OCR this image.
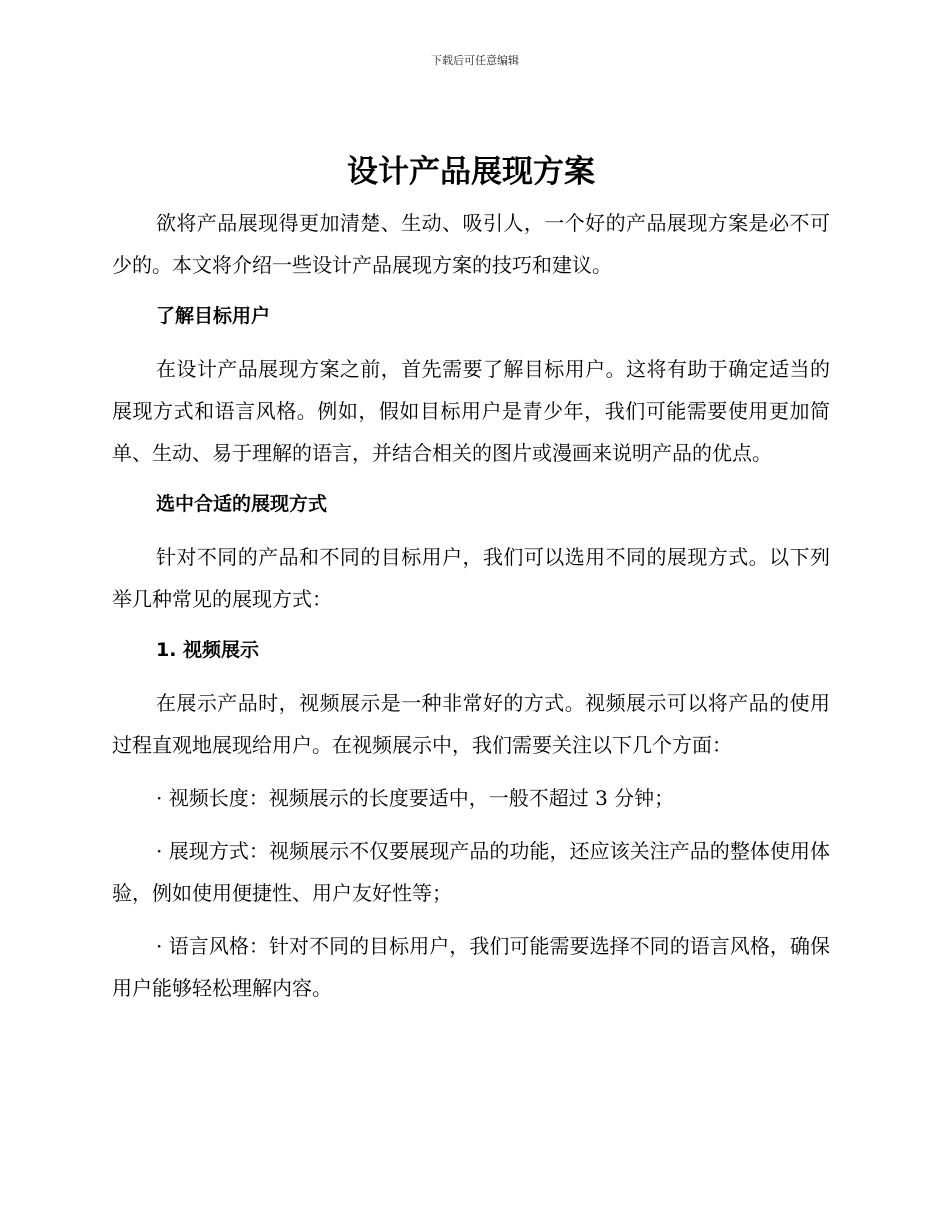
下载后可任意编辑
设计产品展现方案

欲将产品展现得更加清楚、生动、吸引人，一个好的产品展现方案是必不可少的。本文将介绍一些设计产品展现方案的技巧和建议。

了解目标用户

在设计产品展现方案之前，首先需要了解目标用户。这将有助于确定适当的展现方式和语言风格。例如，假如目标用户是青少年，我们可能需要使用更加简单、生动、易于理解的语言，并结合相关的图片或漫画来说明产品的优点。

选中合适的展现方式

针对不同的产品和不同的目标用户，我们可以选用不同的展现方式。以下列举几种常见的展现方式：

1. 视频展示

在展示产品时，视频展示是一种非常好的方式。视频展示可以将产品的使用过程直观地展现给用户。在视频展示中，我们需要关注以下几个方面：

· 视频长度：视频展示的长度要适中，一般不超过 3 分钟；

· 展现方式：视频展示不仅要展现产品的功能，还应该关注产品的整体使用体验，例如使用便捷性、用户友好性等；

· 语言风格：针对不同的目标用户，我们可能需要选择不同的语言风格，确保用户能够轻松理解内容。
